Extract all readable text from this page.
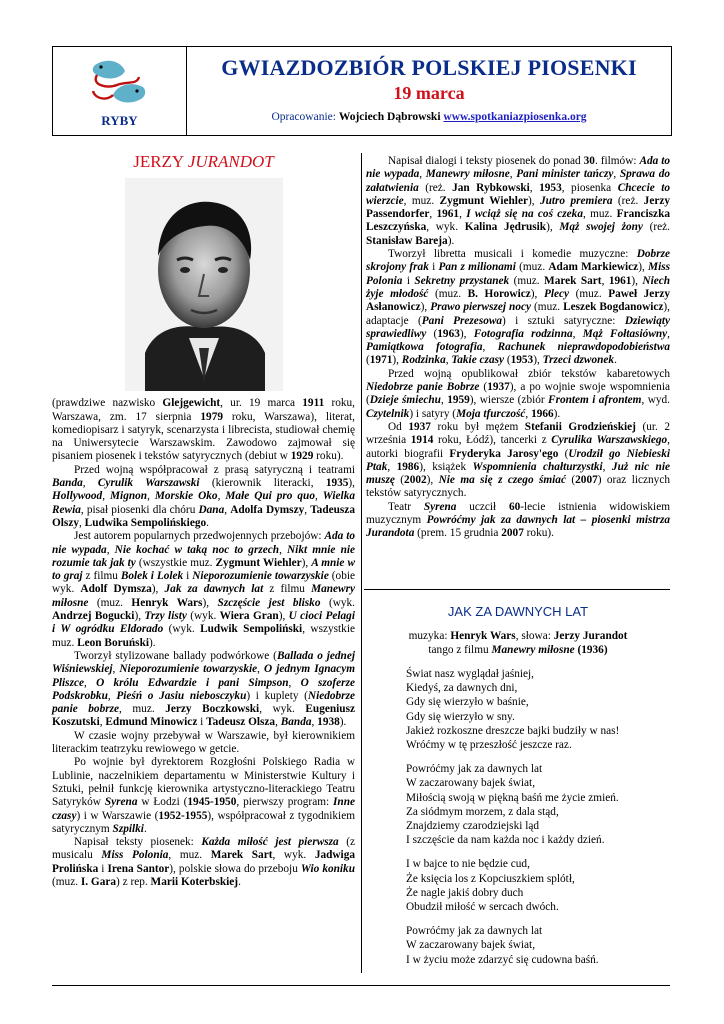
RYBY
GWIAZDOZBIÓR POLSKIEJ PIOSENKI
19 marca
Opracowanie: Wojciech Dąbrowski www.spotkaniazpiosenka.org
JERZY JURANDOT

(prawdziwe nazwisko Glejgewicht, ur. 19 marca 1911 roku, Warszawa, zm. 17 sierpnia 1979 roku, Warszawa), literat, komediopisarz i satyryk, scenarzysta i librecista, studiował chemię na Uniwersytecie Warszawskim. Zawodowo zajmował się pisaniem piosenek i tekstów satyrycznych (debiut w 1929 roku).

Przed wojną współpracował z prasą satyryczną i teatrami Banda, Cyrulik Warszawski (kierownik literacki, 1935), Hollywood, Mignon, Morskie Oko, Małe Qui pro quo, Wielka Rewia, pisał piosenki dla chóru Dana, Adolfa Dymszy, Tadeusza Olszy, Ludwika Sempolińskiego.

Jest autorem popularnych przedwojennych przebojów: Ada to nie wypada, Nie kochać w taką noc to grzech, Nikt mnie nie rozumie tak jak ty (wszystkie muz. Zygmunt Wiehler), A mnie w to graj z filmu Bolek i Lolek i Nieporozumienie towarzyskie (obie wyk. Adolf Dymsza), Jak za dawnych lat z filmu Manewry miłosne (muz. Henryk Wars), Szczęście jest blisko (wyk. Andrzej Bogucki), Trzy listy (wyk. Wiera Gran), U cioci Pelagi i W ogródku Eldorado (wyk. Ludwik Sempoliński, wszystkie muz. Leon Boruński).

Tworzył stylizowane ballady podwórkowe (Ballada o jednej Wiśniewskiej, Nieporozumienie towarzyskie, O jednym Ignacym Pliszce, O królu Edwardzie i pani Simpson, O szoferze Podskrobku, Pieśń o Jasiu niebosczyku) i kuplety (Niedobrze panie bobrze, muz. Jerzy Boczkowski, wyk. Eugeniusz Koszutski, Edmund Minowicz i Tadeusz Olsza, Banda, 1938).

W czasie wojny przebywał w Warszawie, był kierownikiem literackim teatrzyku rewiowego w getcie.

Po wojnie był dyrektorem Rozgłośni Polskiego Radia w Lublinie, naczelnikiem departamentu w Ministerstwie Kultury i Sztuki, pełnił funkcję kierownika artystyczno-literackiego Teatru Satyryków Syrena w Łodzi (1945-1950, pierwszy program: Inne czasy) i w Warszawie (1952-1955), współpracował z tygodnikiem satyrycznym Szpilki.

Napisał teksty piosenek: Każda miłość jest pierwsza (z musicalu Miss Polonia, muz. Marek Sart, wyk. Jadwiga Prolińska i Irena Santor), polskie słowa do przeboju Wio koniku (muz. I. Gara) z rep. Marii Koterbskiej.

Napisał dialogi i teksty piosenek do ponad 30. filmów: Ada to nie wypada, Manewry miłosne, Pani minister tańczy, Sprawa do załatwienia (reż. Jan Rybkowski, 1953, piosenka Chcecie to wierzcie, muz. Zygmunt Wiehler), Jutro premiera (reż. Jerzy Passendorfer, 1961, I wciąż się na coś czeka, muz. Franciszka Leszczyńska, wyk. Kalina Jędrusik), Mąż swojej żony (reż. Stanisław Bareja).

Tworzył libretta musicali i komedie muzyczne: Dobrze skrojony frak i Pan z milionami (muz. Adam Markiewicz), Miss Polonia i Sekretny przystanek (muz. Marek Sart, 1961), Niech żyje młodość (muz. B. Horowicz), Plecy (muz. Paweł Jerzy Asłanowicz), Prawo pierwszej nocy (muz. Leszek Bogdanowicz), adaptacje (Pani Prezesowa) i sztuki satyryczne: Dziewiąty sprawiedliwy (1963), Fotografia rodzinna, Mąż Fołtasiówny, Pamiątkowa fotografia, Rachunek nieprawdopodobieństwa (1971), Rodzinka, Takie czasy (1953), Trzeci dzwonek.

Przed wojną opublikował zbiór tekstów kabaretowych Niedobrze panie Bobrze (1937), a po wojnie swoje wspomnienia (Dzieje śmiechu, 1959), wiersze (zbiór Frontem i afrontem, wyd. Czytelnik) i satyry (Moja tfurczość, 1966).

Od 1937 roku był mężem Stefanii Grodzieńskiej (ur. 2 września 1914 roku, Łódź), tancerki z Cyrulika Warszawskiego, autorki biografii Fryderyka Jarosy'ego (Urodził go Niebieski Ptak, 1986), książek Wspomnienia chałturzystki, Już nic nie muszę (2002), Nie ma się z czego śmiać (2007) oraz licznych tekstów satyrycznych.

Teatr Syrena uczcił 60-lecie istnienia widowiskiem muzycznym Powróćmy jak za dawnych lat – piosenki mistrza Jurandota (prem. 15 grudnia 2007 roku).

JAK ZA DAWNYCH LAT
muzyka: Henryk Wars, słowa: Jerzy Jurandot
tango z filmu Manewry miłosne (1936)
Świat nasz wyglądał jaśniej,
Kiedyś, za dawnych dni,
Gdy się wierzyło w baśnie,
Gdy się wierzyło w sny.
Jakież rozkoszne dreszcze bajki budziły w nas!
Wróćmy w tę przeszłość jeszcze raz.
Powróćmy jak za dawnych lat
W zaczarowany bajek świat,
Miłością swoją w piękną baśń me życie zmień.
Za siódmym morzem, z dala stąd,
Znajdziemy czarodziejski ląd
I szczęście da nam każda noc i każdy dzień.
I w bajce to nie będzie cud,
Że księcia los z Kopciuszkiem splótł,
Że nagle jakiś dobry duch
Obudził miłość w sercach dwóch.
Powróćmy jak za dawnych lat
W zaczarowany bajek świat,
I w życiu może zdarzyć się cudowna baśń.
